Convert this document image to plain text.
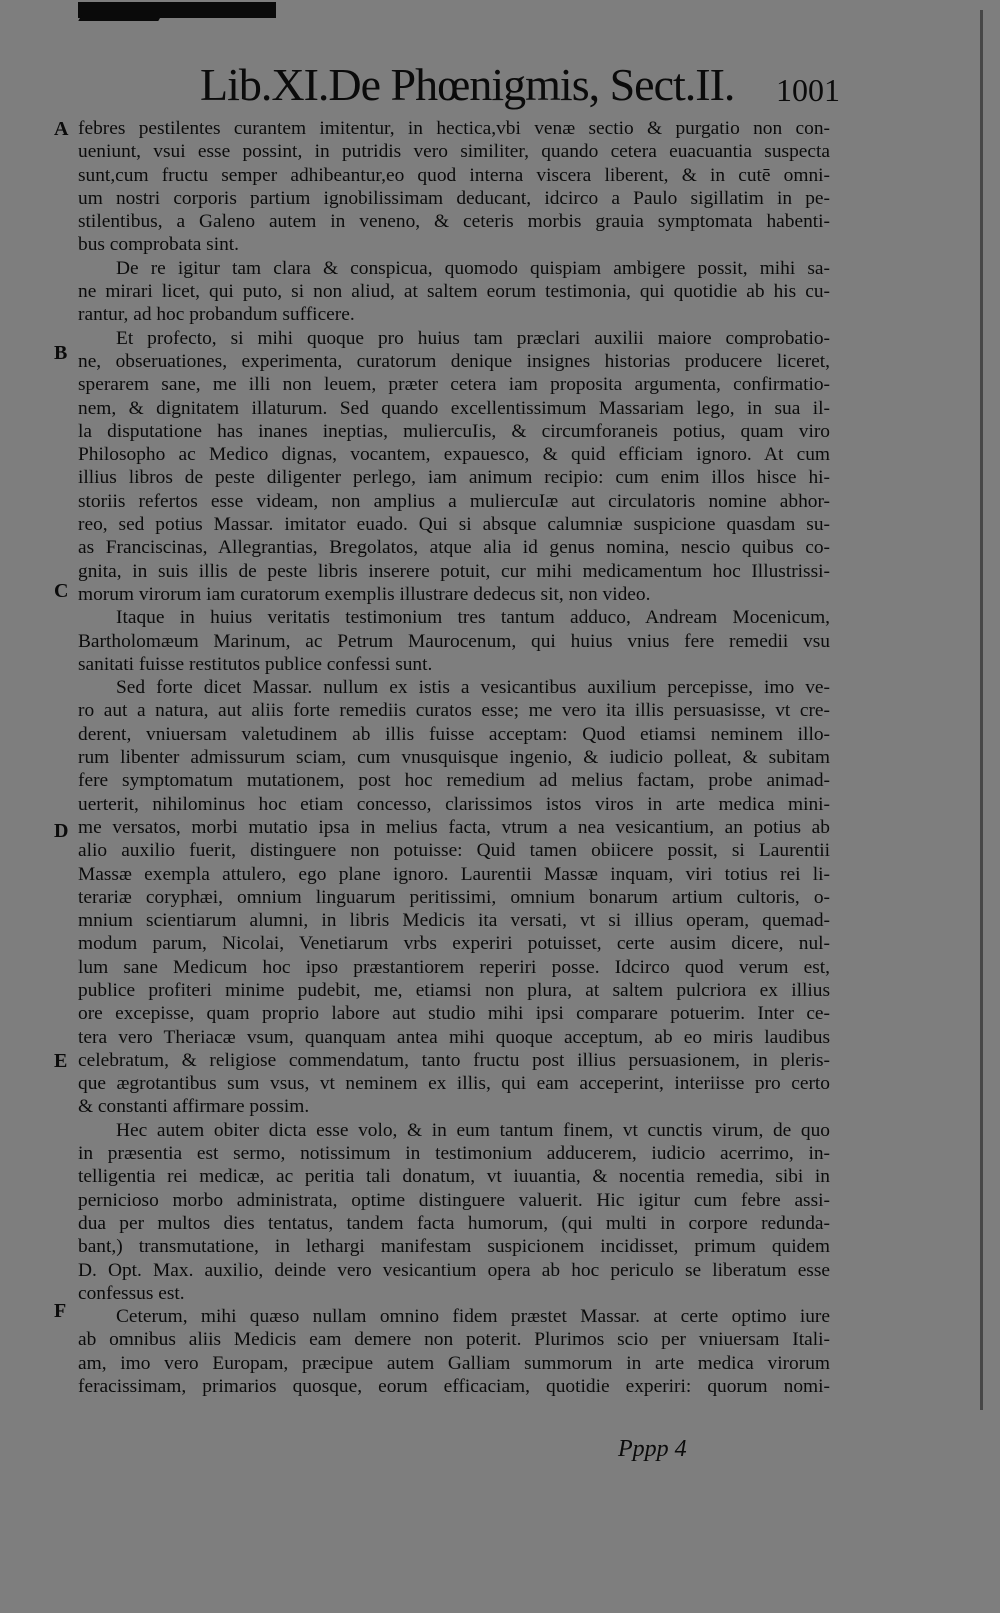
Lib.XI.De Phœnigmis, Sect.II. 1001
A
B
C
D
E
F
febres pestilentes curantem imitentur, in hectica,vbi venæ sectio & purgatio non con-
ueniunt, vsui esse possint, in putridis vero similiter, quando cetera euacuantia suspecta
sunt,cum fructu semper adhibeantur,eo quod interna viscera liberent, & in cutē omni-
um nostri corporis partium ignobilissimam deducant, idcirco a Paulo sigillatim in pe-
stilentibus, a Galeno autem in veneno, & ceteris morbis grauia symptomata habenti-
bus comprobata sint.
De re igitur tam clara & conspicua, quomodo quispiam ambigere possit, mihi sa-
ne mirari licet, qui puto, si non aliud, at saltem eorum testimonia, qui quotidie ab his cu-
rantur, ad hoc probandum sufficere.
Et profecto, si mihi quoque pro huius tam præclari auxilii maiore comprobatio-
ne, obseruationes, experimenta, curatorum denique insignes historias producere liceret,
sperarem sane, me illi non leuem, præter cetera iam proposita argumenta, confirmatio-
nem, & dignitatem illaturum. Sed quando excellentissimum Massariam lego, in sua il-
la disputatione has inanes ineptias, muliercuIis, & circumforaneis potius, quam viro
Philosopho ac Medico dignas, vocantem, expauesco, & quid efficiam ignoro. At cum
illius libros de peste diligenter perlego, iam animum recipio: cum enim illos hisce hi-
storiis refertos esse videam, non amplius a muliercuIæ aut circulatoris nomine abhor-
reo, sed potius Massar. imitator euado. Qui si absque calumniæ suspicione quasdam su-
as Franciscinas, Allegrantias, Bregolatos, atque alia id genus nomina, nescio quibus co-
gnita, in suis illis de peste libris inserere potuit, cur mihi medicamentum hoc Illustrissi-
morum virorum iam curatorum exemplis illustrare dedecus sit, non video.
Itaque in huius veritatis testimonium tres tantum adduco, Andream Mocenicum,
Bartholomæum Marinum, ac Petrum Maurocenum, qui huius vnius fere remedii vsu
sanitati fuisse restitutos publice confessi sunt.
Sed forte dicet Massar. nullum ex istis a vesicantibus auxilium percepisse, imo ve-
ro aut a natura, aut aliis forte remediis curatos esse; me vero ita illis persuasisse, vt cre-
derent, vniuersam valetudinem ab illis fuisse acceptam: Quod etiamsi neminem illo-
rum libenter admissurum sciam, cum vnusquisque ingenio, & iudicio polleat, & subitam
fere symptomatum mutationem, post hoc remedium ad melius factam, probe animad-
uerterit, nihilominus hoc etiam concesso, clarissimos istos viros in arte medica mini-
me versatos, morbi mutatio ipsa in melius facta, vtrum a nea vesicantium, an potius ab
alio auxilio fuerit, distinguere non potuisse: Quid tamen obiicere possit, si Laurentii
Massæ exempla attulero, ego plane ignoro. Laurentii Massæ inquam, viri totius rei li-
terariæ coryphæi, omnium linguarum peritissimi, omnium bonarum artium cultoris, o-
mnium scientiarum alumni, in libris Medicis ita versati, vt si illius operam, quemad-
modum parum, Nicolai, Venetiarum vrbs experiri potuisset, certe ausim dicere, nul-
lum sane Medicum hoc ipso præstantiorem reperiri posse. Idcirco quod verum est,
publice profiteri minime pudebit, me, etiamsi non plura, at saltem pulcriora ex illius
ore excepisse, quam proprio labore aut studio mihi ipsi comparare potuerim. Inter ce-
tera vero Theriacæ vsum, quanquam antea mihi quoque acceptum, ab eo miris laudibus
celebratum, & religiose commendatum, tanto fructu post illius persuasionem, in pleris-
que ægrotantibus sum vsus, vt neminem ex illis, qui eam acceperint, interiisse pro certo
& constanti affirmare possim.
Hec autem obiter dicta esse volo, & in eum tantum finem, vt cunctis virum, de quo
in præsentia est sermo, notissimum in testimonium adducerem, iudicio acerrimo, in-
telligentia rei medicæ, ac peritia tali donatum, vt iuuantia, & nocentia remedia, sibi in
pernicioso morbo administrata, optime distinguere valuerit. Hic igitur cum febre assi-
dua per multos dies tentatus, tandem facta humorum, (qui multi in corpore redunda-
bant,) transmutatione, in lethargi manifestam suspicionem incidisset, primum quidem
D. Opt. Max. auxilio, deinde vero vesicantium opera ab hoc periculo se liberatum esse
confessus est.
Ceterum, mihi quæso nullam omnino fidem præstet Massar. at certe optimo iure
ab omnibus aliis Medicis eam demere non poterit. Plurimos scio per vniuersam Itali-
am, imo vero Europam, præcipue autem Galliam summorum in arte medica virorum
feracissimam, primarios quosque, eorum efficaciam, quotidie experiri: quorum nomi-
Pppp 4
